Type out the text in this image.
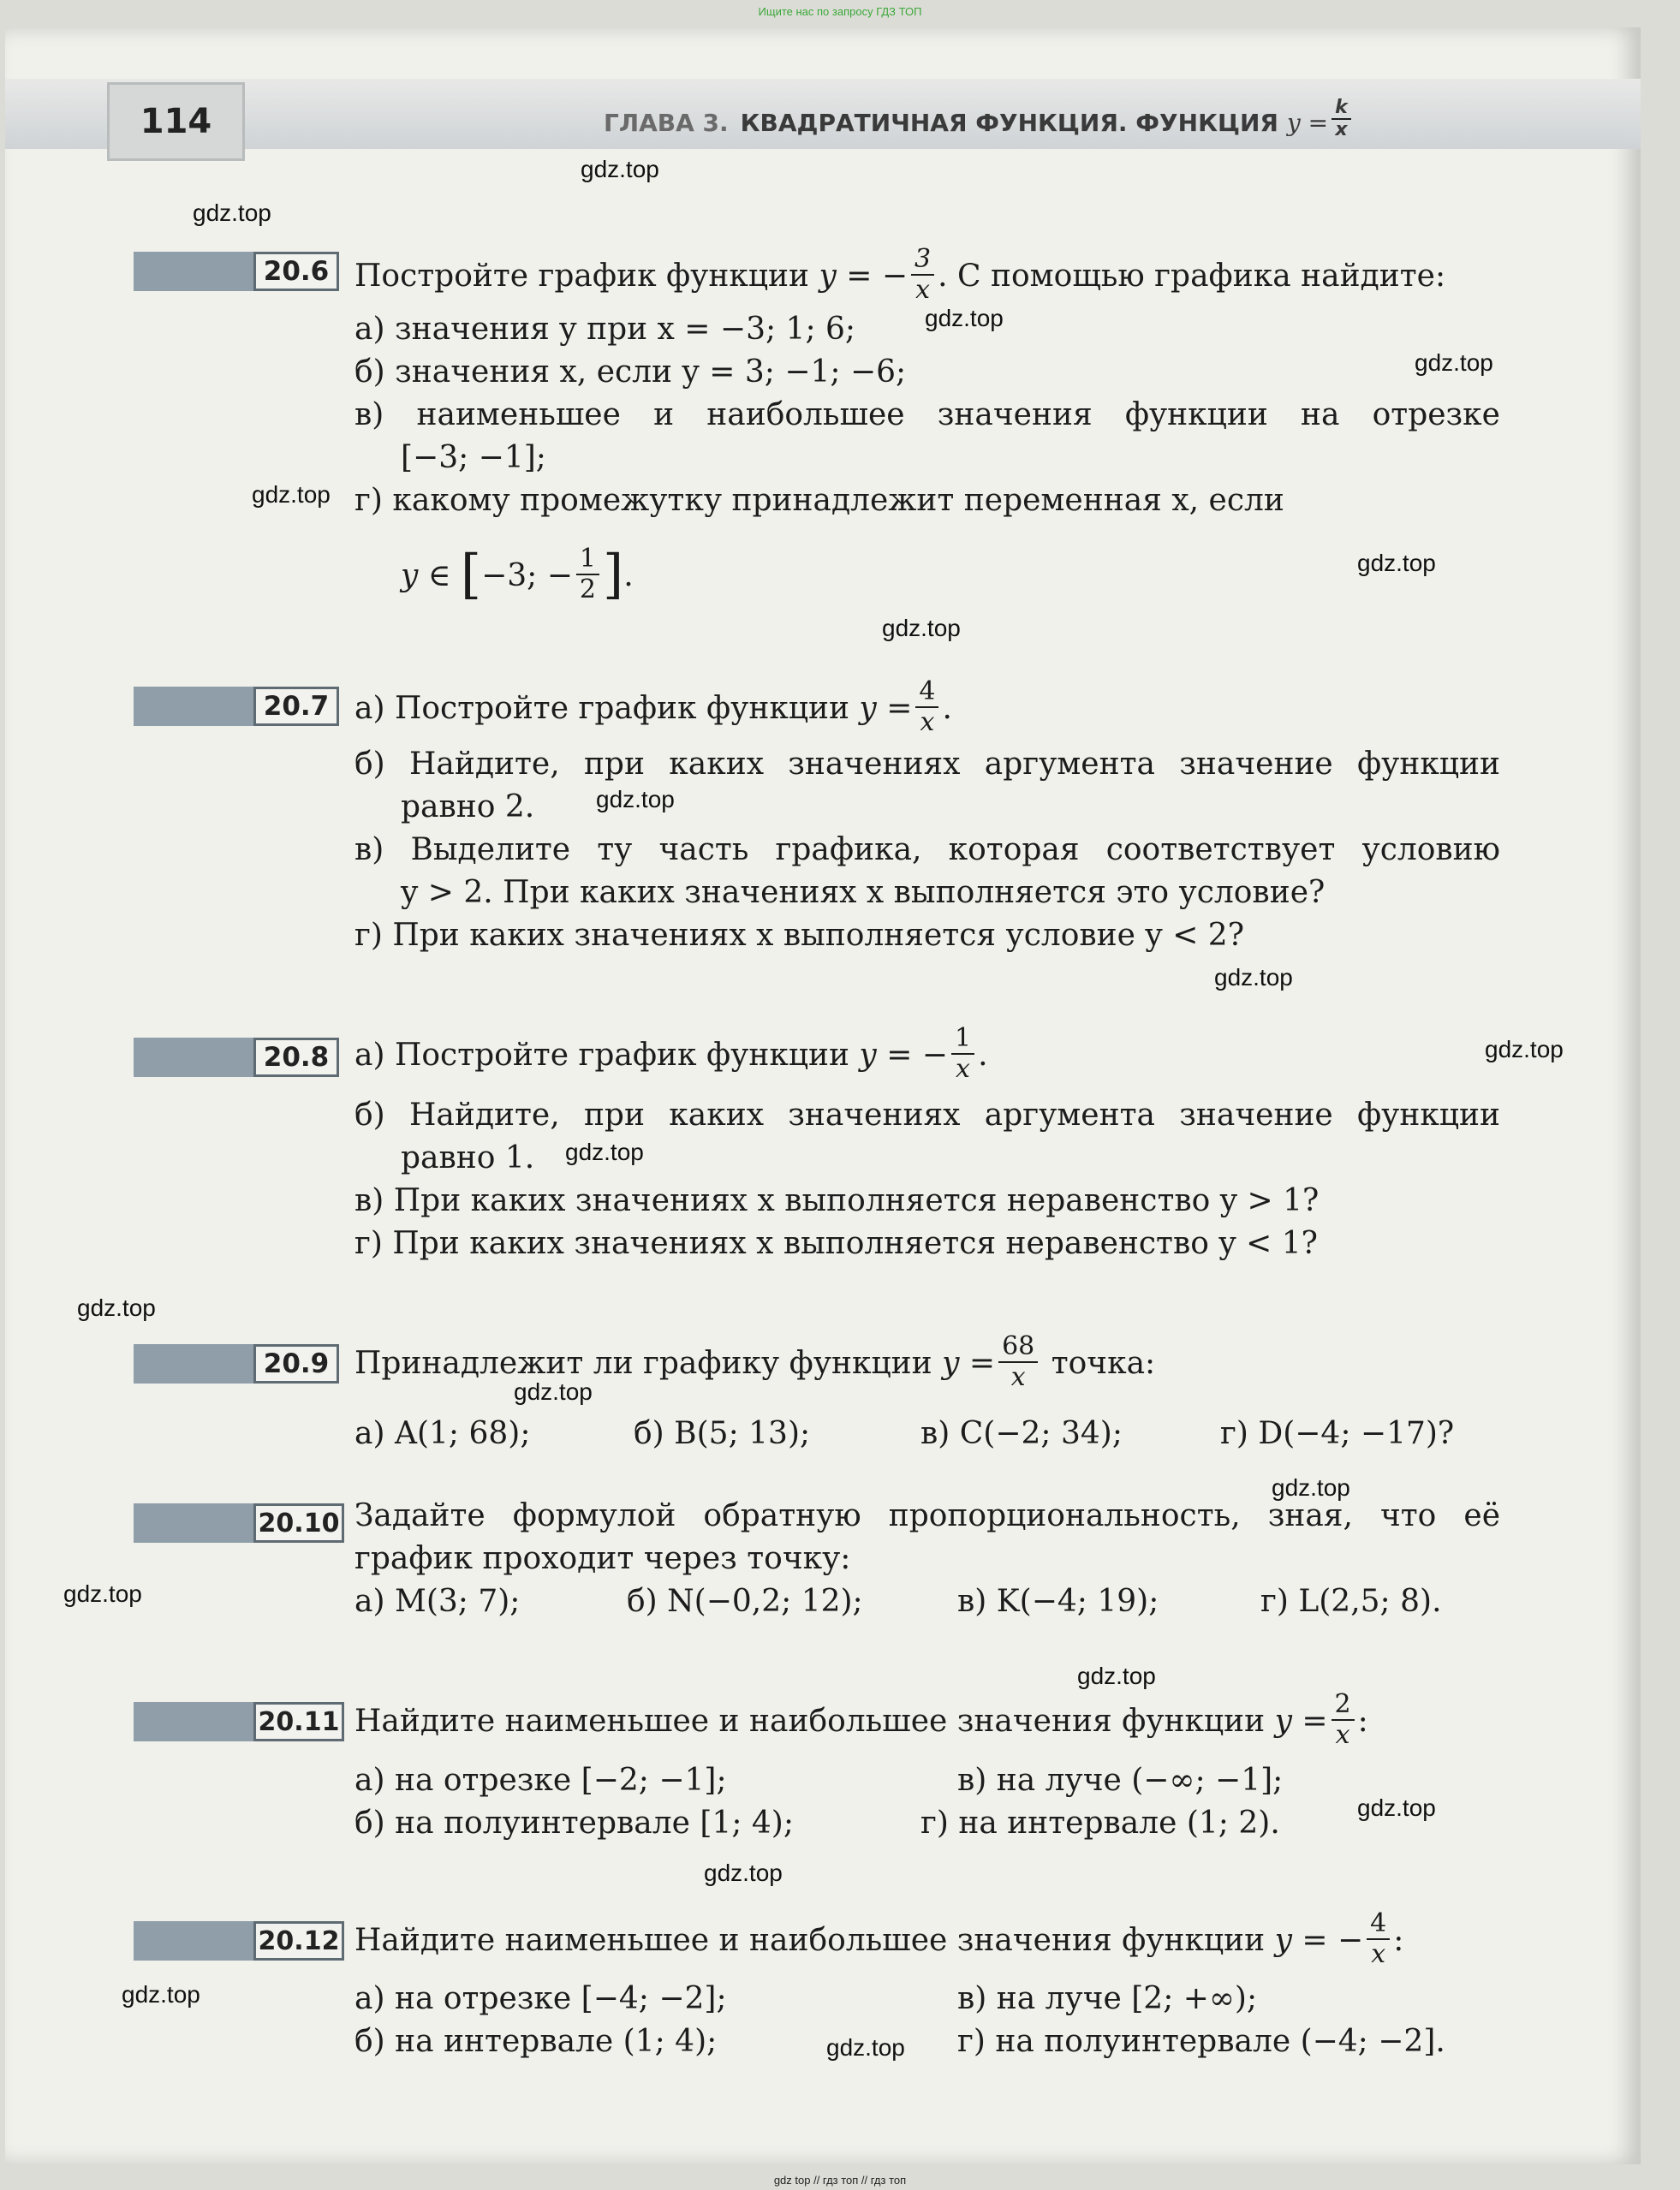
Ищите нас по запросу ГДЗ ТОП
114	ГЛАВА 3. КВАДРАТИЧНАЯ ФУНКЦИЯ. ФУНКЦИЯ $y = \frac{k}{x}$
20.6 Постройте график функции y = − $\frac{3}{x}$ . С помощью графика найдите:
а) значения y при x = −3; 1; 6;
б) значения x, если y = 3; −1; −6;
в) наименьшее и наибольшее значения функции на отрезке
[−3; −1];
г) какому промежутку принадлежит переменная x, если
y ∈ [−3; − $\frac{1}{2}$ ].
20.7 а) Постройте график функции $y = \frac{4}{x}$ .
б) Найдите, при каких значениях аргумента значение функции
равно 2.
в) Выделите ту часть графика, которая соответствует условию
y > 2. При каких значениях x выполняется это условие?
г) При каких значениях x выполняется условие y < 2?
20.8 а) Постройте график функции y = − $\frac{1}{x}$ .
б) Найдите, при каких значениях аргумента значение функции
равно 1.
в) При каких значениях x выполняется неравенство y > 1?
г) При каких значениях x выполняется неравенство y < 1?
20.9 Принадлежит ли графику функции $y = \frac{68}{x}$ точка:
а) A(1; 68);	б) B(5; 13);	в) C(−2; 34);	г) D(−4; −17)?
20.10 Задайте формулой обратную пропорциональность, зная, что её
график проходит через точку:
а) M(3; 7);	б) N(−0,2; 12);	в) K(−4; 19);	г) L(2,5; 8).
20.11 Найдите наименьшее и наибольшее значения функции $y = \frac{2}{x}$ :
а) на отрезке [−2; −1];	в) на луче (−∞; −1];
б) на полуинтервале [1; 4);	г) на интервале (1; 2).
20.12 Найдите наименьшее и наибольшее значения функции y = − $\frac{4}{x}$ :
а) на отрезке [−4; −2];	в) на луче [2; +∞);
б) на интервале (1; 4);	г) на полуинтервале (−4; −2].
gdz.top
gdz.top
gdz.top
gdz.top
gdz.top
gdz.top
gdz.top
gdz.top
gdz.top
gdz.top
gdz.top
gdz.top
gdz.top
gdz.top
gdz.top
gdz.top
gdz.top
gdz.top
gdz.top
gdz.top
gdz top // гдз топ // гдз топ
